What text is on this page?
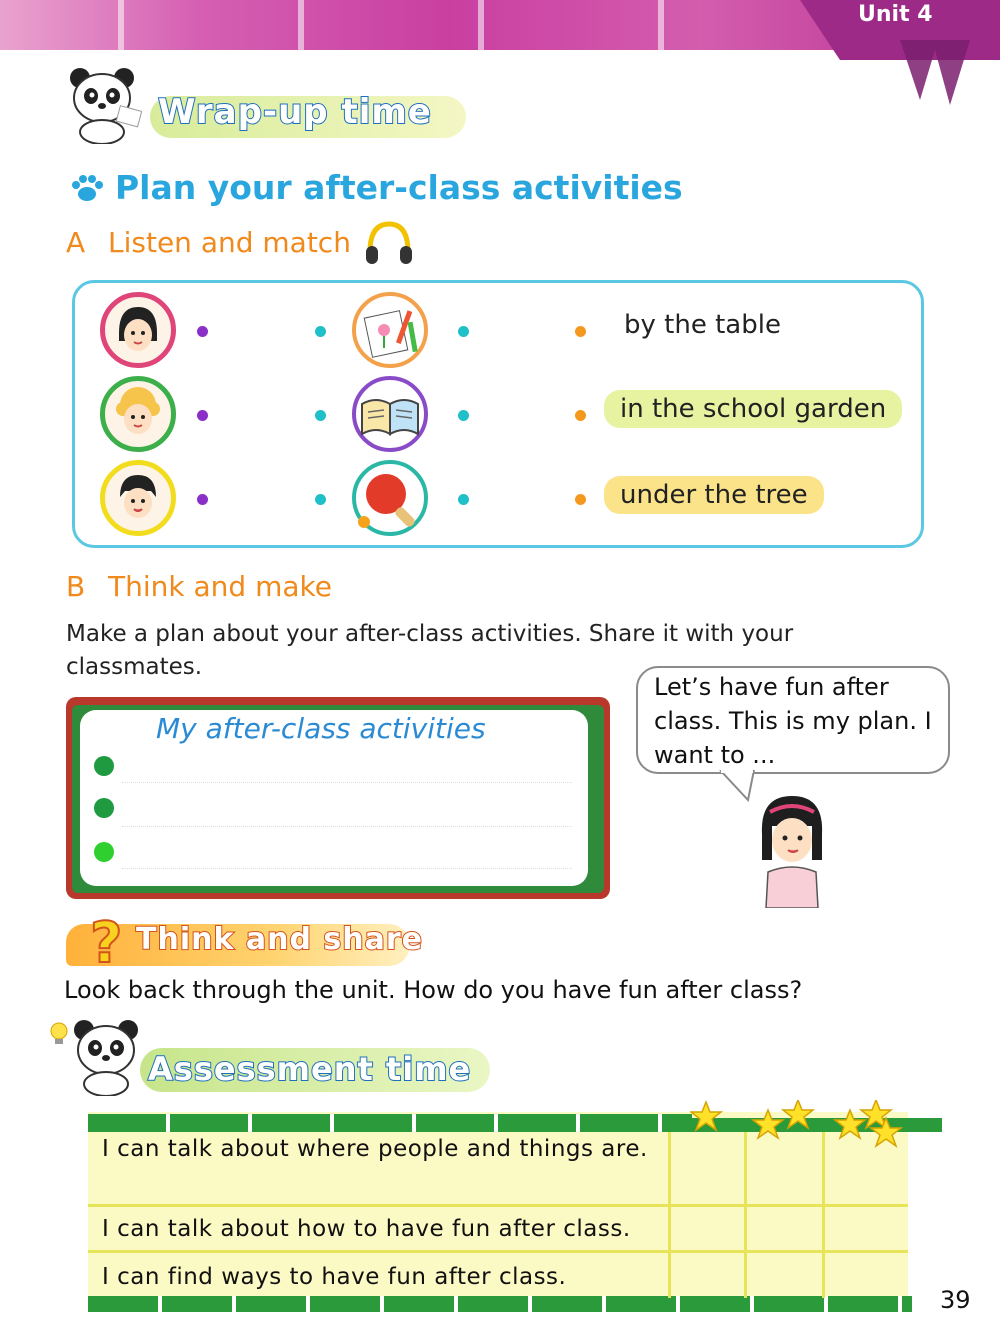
Unit 4
Wrap-up time
Plan your after-class activities
A Listen and match
by the table
in the school garden
under the tree
B Think and make
Make a plan about your after-class activities. Share it with your classmates.
My after-class activities
Let’s have fun after class. This is my plan. I want to ...
? Think and share
Look back through the unit. How do you have fun after class?
Assessment time
I can talk about where people and things are.
I can talk about how to have fun after class.
I can find ways to have fun after class.
39
